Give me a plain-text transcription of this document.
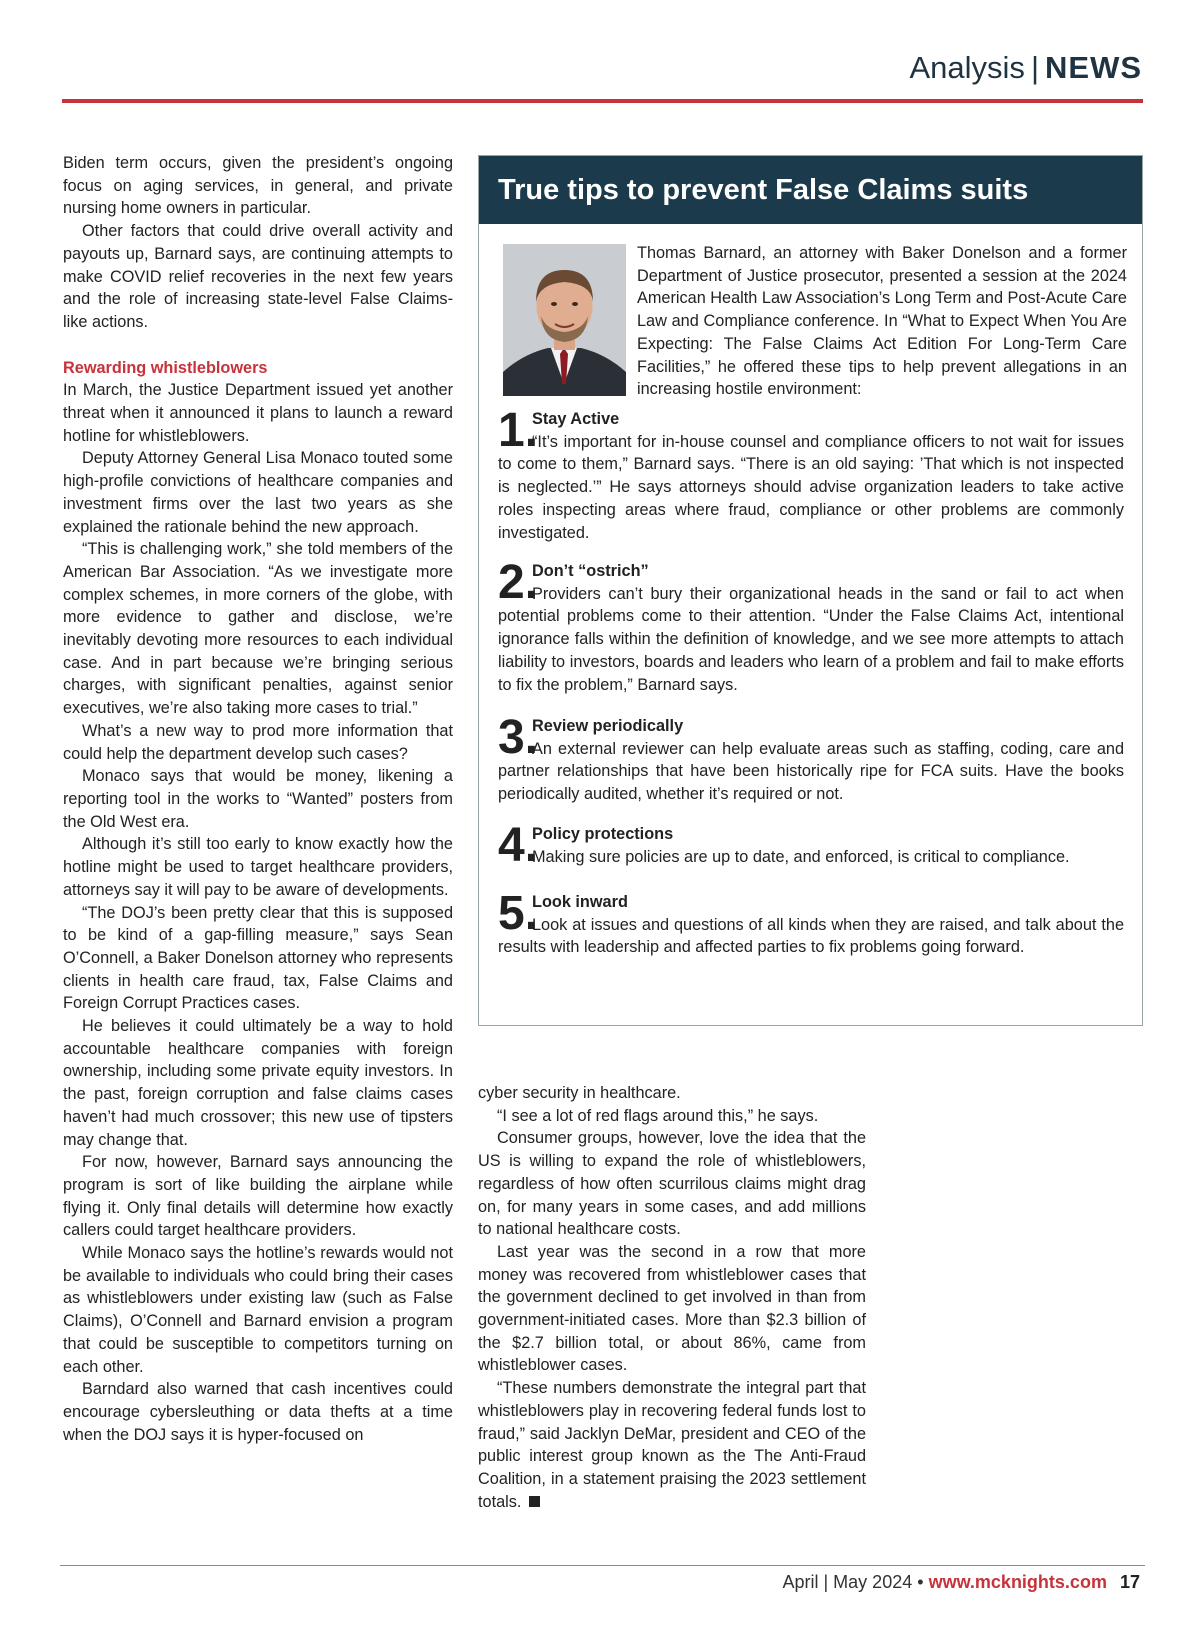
Analysis | NEWS

Biden term occurs, given the president’s ongoing focus on aging services, in general, and private nursing home owners in particular.

Other factors that could drive overall activity and payouts up, Barnard says, are continuing attempts to make COVID relief recoveries in the next few years and the role of increasing state-level False Claims-like actions.

Rewarding whistleblowers

In March, the Justice Department issued yet another threat when it announced it plans to launch a reward hotline for whistleblowers.

Deputy Attorney General Lisa Monaco touted some high-profile convictions of healthcare companies and investment firms over the last two years as she explained the rationale behind the new approach.

“This is challenging work,” she told members of the American Bar Association. “As we investigate more complex schemes, in more corners of the globe, with more evidence to gather and disclose, we’re inevitably devoting more resources to each individual case. And in part because we’re bringing serious charges, with significant penalties, against senior executives, we’re also taking more cases to trial.”

What’s a new way to prod more information that could help the department develop such cases?

Monaco says that would be money, likening a reporting tool in the works to “Wanted” posters from the Old West era.

Although it’s still too early to know exactly how the hotline might be used to target healthcare providers, attorneys say it will pay to be aware of developments.

“The DOJ’s been pretty clear that this is supposed to be kind of a gap-filling measure,” says Sean O’Connell, a Baker Donelson attorney who represents clients in health care fraud, tax, False Claims and Foreign Corrupt Practices cases.

He believes it could ultimately be a way to hold accountable healthcare companies with foreign ownership, including some private equity investors. In the past, foreign corruption and false claims cases haven’t had much crossover; this new use of tipsters may change that.

For now, however, Barnard says announcing the program is sort of like building the airplane while flying it. Only final details will determine how exactly callers could target healthcare providers.

While Monaco says the hotline’s rewards would not be available to individuals who could bring their cases as whistleblowers under existing law (such as False Claims), O’Connell and Barnard envision a program that could be susceptible to competitors turning on each other.

Barndard also warned that cash incentives could encourage cybersleuthing or data thefts at a time when the DOJ says it is hyper-focused on

True tips to prevent False Claims suits

Thomas Barnard, an attorney with Baker Donelson and a former Department of Justice prosecutor, presented a session at the 2024 American Health Law Association’s Long Term and Post-Acute Care Law and Compliance conference. In “What to Expect When You Are Expecting: The False Claims Act Edition For Long-Term Care Facilities,” he offered these tips to help prevent allegations in an increasing hostile environment:

1.
Stay Active

“It’s important for in-house counsel and compliance officers to not wait for issues to come to them,” Barnard says. “There is an old saying: ’That which is not inspected is neglected.’” He says attorneys should advise organization leaders to take active roles inspecting areas where fraud, compliance or other problems are commonly investigated.

2.
Don’t “ostrich”

Providers can’t bury their organizational heads in the sand or fail to act when potential problems come to their attention. “Under the False Claims Act, intentional ignorance falls within the definition of knowledge, and we see more attempts to attach liability to investors, boards and leaders who learn of a problem and fail to make efforts to fix the problem,” Barnard says.

3.
Review periodically

An external reviewer can help evaluate areas such as staffing, coding, care and partner relationships that have been historically ripe for FCA suits. Have the books periodically audited, whether it’s required or not.

4.
Policy protections

Making sure policies are up to date, and enforced, is critical to compliance.

5.
Look inward

Look at issues and questions of all kinds when they are raised, and talk about the results with leadership and affected parties to fix problems going forward.

cyber security in healthcare.

“I see a lot of red flags around this,” he says.

Consumer groups, however, love the idea that the US is willing to expand the role of whistleblowers, regardless of how often scurrilous claims might drag on, for many years in some cases, and add millions to national healthcare costs.

Last year was the second in a row that more money was recovered from whistleblower cases that the government declined to get involved in than from government-initiated cases. More than $2.3 billion of the $2.7 billion total, or about 86%, came from whistleblower cases.

“These numbers demonstrate the integral part that whistleblowers play in recovering federal funds lost to fraud,” said Jacklyn DeMar, president and CEO of the public interest group known as the The Anti-Fraud Coalition, in a statement praising the 2023 settlement totals.

April | May 2024 • www.mcknights.com 17
